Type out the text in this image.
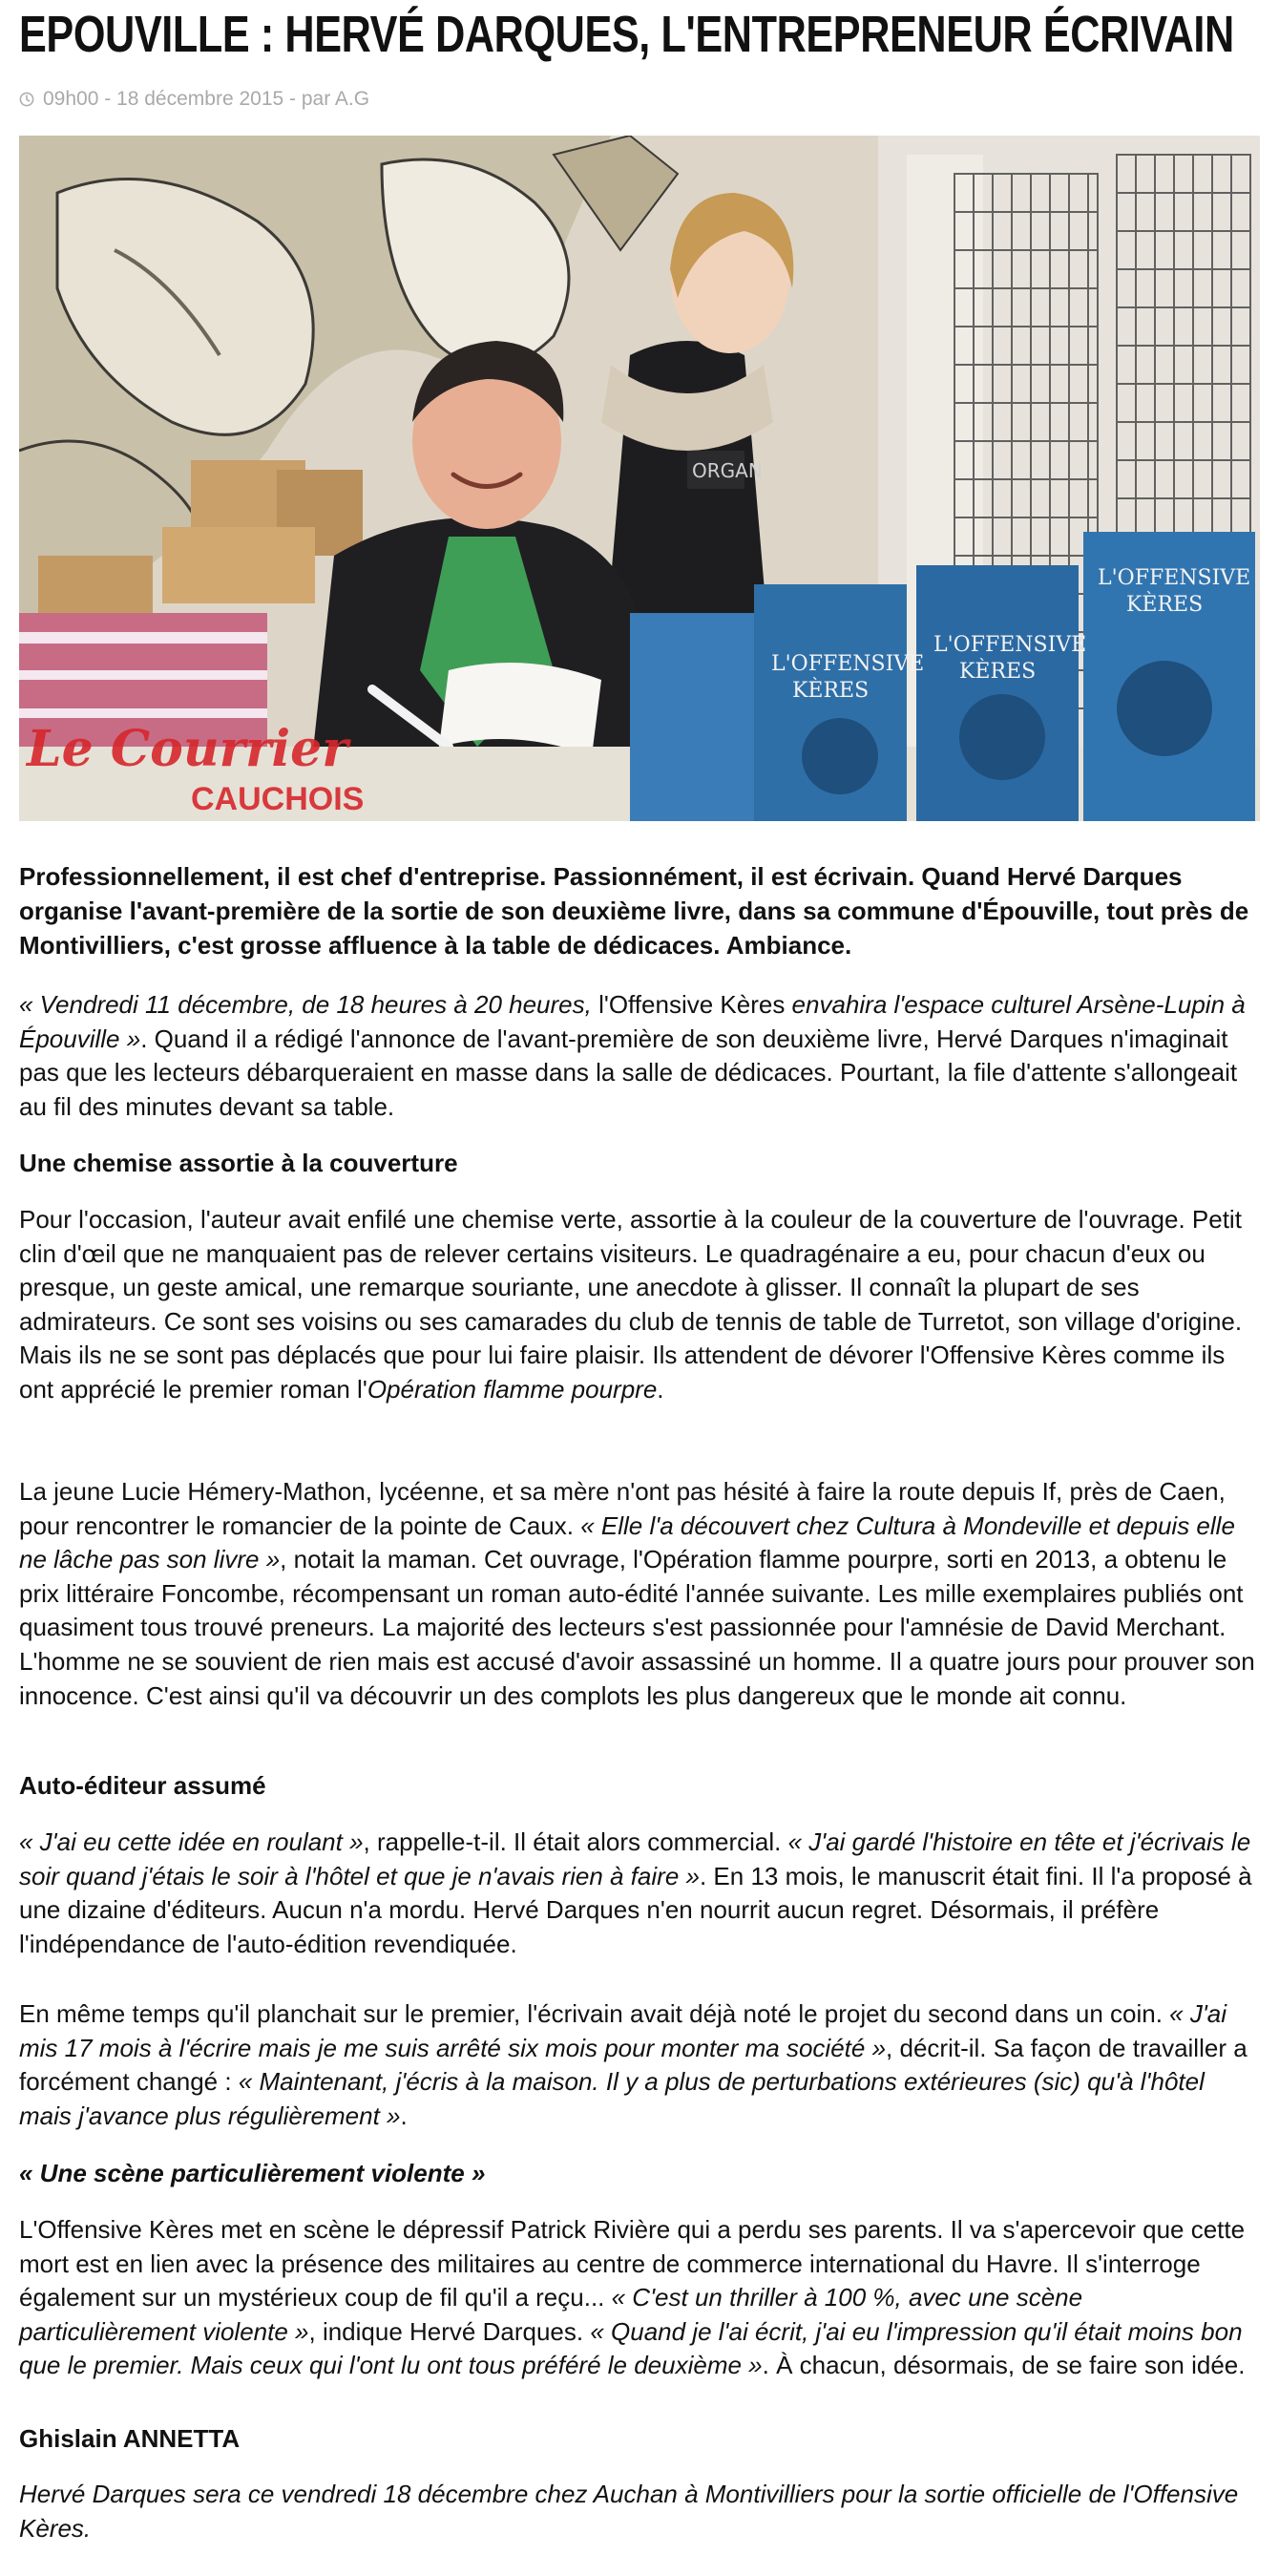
EPOUVILLE : HERVÉ DARQUES, L'ENTREPRENEUR ÉCRIVAIN
09h00 - 18 décembre 2015 - par A.G
ORGAN
L'OFFENSIVE
KÈRES
L'OFFENSIVE
KÈRES
L'OFFENSIVE
KÈRES
Le Courrier
CAUCHOIS

Professionnellement, il est chef d'entreprise. Passionnément, il est écrivain. Quand Hervé Darques organise l'avant-première de la sortie de son deuxième livre, dans sa commune d'Épouville, tout près de Montivilliers, c'est grosse affluence à la table de dédicaces. Ambiance.

« Vendredi 11 décembre, de 18 heures à 20 heures, l'Offensive Kères envahira l'espace culturel Arsène-Lupin à Épouville ». Quand il a rédigé l'annonce de l'avant-première de son deuxième livre, Hervé Darques n'imaginait pas que les lecteurs débarqueraient en masse dans la salle de dédicaces. Pourtant, la file d'attente s'allongeait au fil des minutes devant sa table.

Une chemise assortie à la couverture

Pour l'occasion, l'auteur avait enfilé une chemise verte, assortie à la couleur de la couverture de l'ouvrage. Petit clin d'œil que ne manquaient pas de relever certains visiteurs. Le quadragénaire a eu, pour chacun d'eux ou presque, un geste amical, une remarque souriante, une anecdote à glisser. Il connaît la plupart de ses admirateurs. Ce sont ses voisins ou ses camarades du club de tennis de table de Turretot, son village d'origine. Mais ils ne se sont pas déplacés que pour lui faire plaisir. Ils attendent de dévorer l'Offensive Kères comme ils ont apprécié le premier roman l'Opération flamme pourpre.

La jeune Lucie Hémery-Mathon, lycéenne, et sa mère n'ont pas hésité à faire la route depuis If, près de Caen, pour rencontrer le romancier de la pointe de Caux. « Elle l'a découvert chez Cultura à Mondeville et depuis elle ne lâche pas son livre », notait la maman. Cet ouvrage, l'Opération flamme pourpre, sorti en 2013, a obtenu le prix littéraire Foncombe, récompensant un roman auto-édité l'année suivante. Les mille exemplaires publiés ont quasiment tous trouvé preneurs. La majorité des lecteurs s'est passionnée pour l'amnésie de David Merchant. L'homme ne se souvient de rien mais est accusé d'avoir assassiné un homme. Il a quatre jours pour prouver son innocence. C'est ainsi qu'il va découvrir un des complots les plus dangereux que le monde ait connu.

Auto-éditeur assumé

« J'ai eu cette idée en roulant », rappelle-t-il. Il était alors commercial. « J'ai gardé l'histoire en tête et j'écrivais le soir quand j'étais le soir à l'hôtel et que je n'avais rien à faire ». En 13 mois, le manuscrit était fini. Il l'a proposé à une dizaine d'éditeurs. Aucun n'a mordu. Hervé Darques n'en nourrit aucun regret. Désormais, il préfère l'indépendance de l'auto-édition revendiquée.

En même temps qu'il planchait sur le premier, l'écrivain avait déjà noté le projet du second dans un coin. « J'ai mis 17 mois à l'écrire mais je me suis arrêté six mois pour monter ma société », décrit-il. Sa façon de travailler a forcément changé : « Maintenant, j'écris à la maison. Il y a plus de perturbations extérieures (sic) qu'à l'hôtel mais j'avance plus régulièrement ».

« Une scène particulièrement violente »

L'Offensive Kères met en scène le dépressif Patrick Rivière qui a perdu ses parents. Il va s'apercevoir que cette mort est en lien avec la présence des militaires au centre de commerce international du Havre. Il s'interroge également sur un mystérieux coup de fil qu'il a reçu... « C'est un thriller à 100 %, avec une scène particulièrement violente », indique Hervé Darques. « Quand je l'ai écrit, j'ai eu l'impression qu'il était moins bon que le premier. Mais ceux qui l'ont lu ont tous préféré le deuxième ». À chacun, désormais, de se faire son idée.

Ghislain ANNETTA

Hervé Darques sera ce vendredi 18 décembre chez Auchan à Montivilliers pour la sortie officielle de l'Offensive Kères.
